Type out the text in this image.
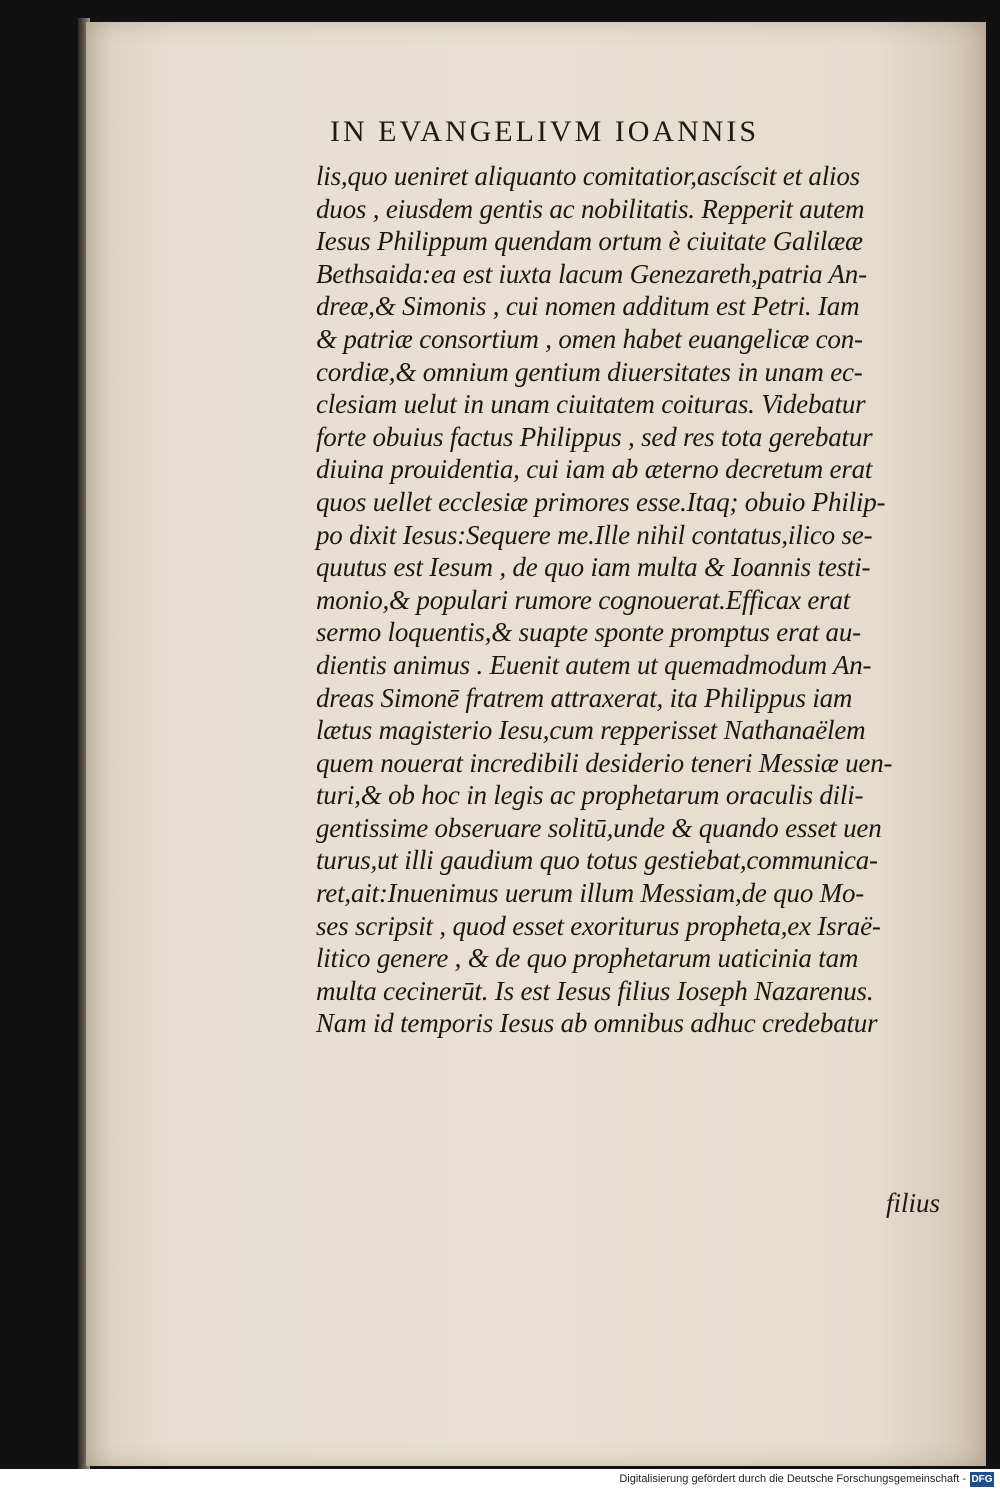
IN EVANGELIVM IOANNIS
lis,quo ueniret aliquanto comitatior,ascíscit et alios
duos , eiusdem gentis ac nobilitatis. Repperit autem
Iesus Philippum quendam ortum è ciuitate Galilææ
Bethsaida:ea est iuxta lacum Genezareth,patria An-
dreæ,& Simonis , cui nomen additum est Petri. Iam
& patriæ consortium , omen habet euangelicæ con-
cordiæ,& omnium gentium diuersitates in unam ec-
clesiam uelut in unam ciuitatem coituras. Videbatur
forte obuius factus Philippus , sed res tota gerebatur
diuina prouidentia, cui iam ab æterno decretum erat
quos uellet ecclesiæ primores esse.Itaq; obuio Philip-
po dixit Iesus:Sequere me.Ille nihil contatus,ilico se-
quutus est Iesum , de quo iam multa & Ioannis testi-
monio,& populari rumore cognouerat.Efficax erat
sermo loquentis,& suapte sponte promptus erat au-
dientis animus . Euenit autem ut quemadmodum An-
dreas Simonē fratrem attraxerat, ita Philippus iam
lætus magisterio Iesu,cum repperisset Nathanaëlem
quem nouerat incredibili desiderio teneri Messiæ uen-
turi,& ob hoc in legis ac prophetarum oraculis dili-
gentissime obseruare solitū,unde & quando esset uen
turus,ut illi gaudium quo totus gestiebat,communica-
ret,ait:Inuenimus uerum illum Messiam,de quo Mo-
ses scripsit , quod esset exoriturus propheta,ex Israë-
litico genere , & de quo prophetarum uaticinia tam
multa cecinerūt. Is est Iesus filius Ioseph Nazarenus.
Nam id temporis Iesus ab omnibus adhuc credebatur
filius
Digitalisierung gefördert durch die Deutsche Forschungsgemeinschaft - DFG
